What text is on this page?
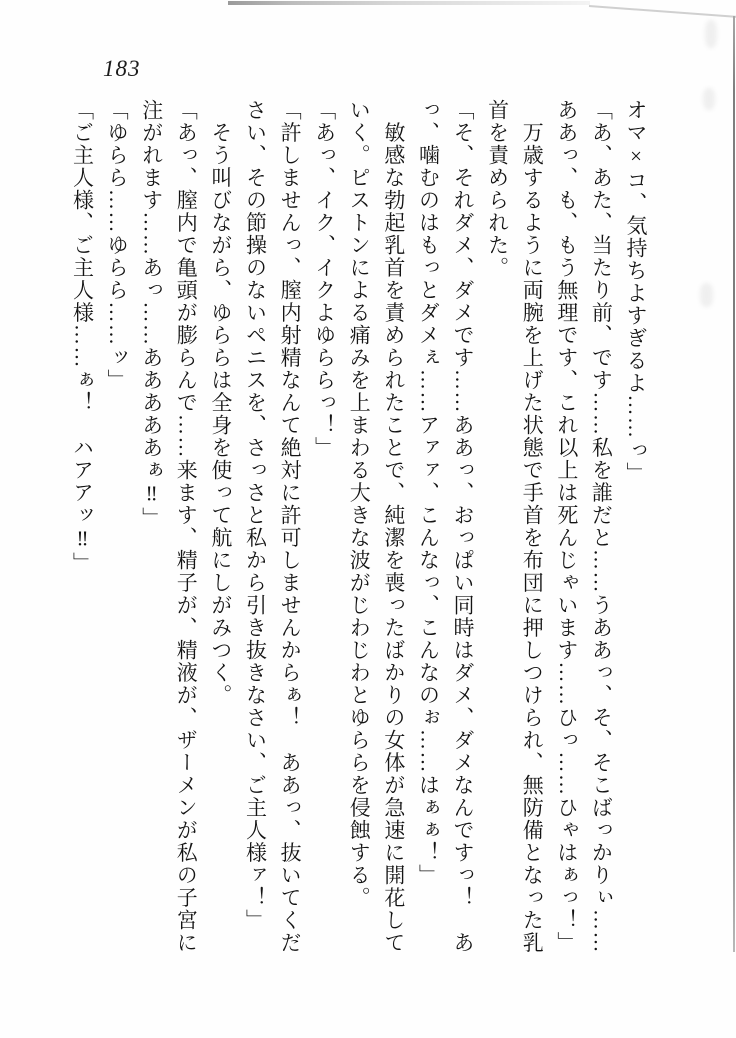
183

オマ×コ、気持ちよすぎるよ……っ」

「あ、あた、当たり前、です……私を誰だと……うああっ、そ、そこばっかりぃ……

ああっ、も、もう無理です、これ以上は死んじゃいます……ひっ……ひゃはぁっ！」

　万歳するように両腕を上げた状態で手首を布団に押しつけられ、無防備となった乳

首を責められた。

「そ、それダメ、ダメです……ああっ、おっぱい同時はダメ、ダメなんですっ！　あ

っ、噛むのはもっとダメぇ……アァァ、こんなっ、こんなのぉ……はぁぁ！」

　敏感な勃起乳首を責められたことで、純潔を喪ったばかりの女体が急速に開花して

いく。ピストンによる痛みを上まわる大きな波がじわじわとゆららを侵蝕する。

「あっ、イク、イクよゆららっ！」

「許しませんっ、膣内射精なんて絶対に許可しませんからぁ！　ああっ、抜いてくだ

さい、その節操のないペニスを、さっさと私から引き抜きなさい、ご主人様ァ！」

　そう叫びながら、ゆららは全身を使って航にしがみつく。

「あっ、膣内で亀頭が膨らんで……来ます、精子が、精液が、ザーメンが私の子宮に

注がれます……あっ……あああああぁ‼」

「ゆらら……ゆらら……ッ」

「ご主人様、ご主人様……ぁ！　ハアアッ‼」
